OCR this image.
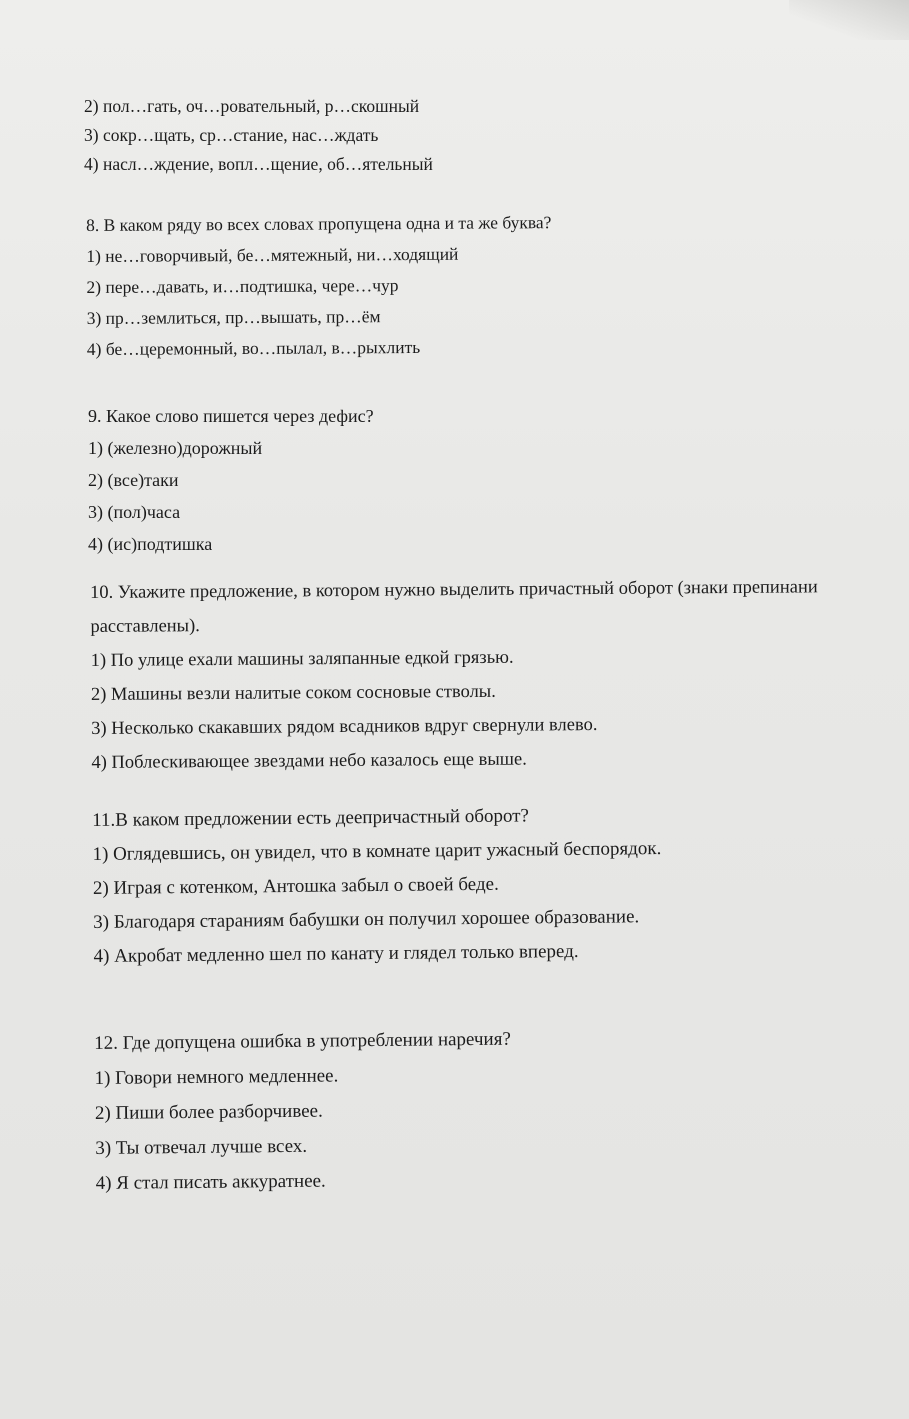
2) пол…гать, оч…ровательный, р…скошный
3) сокр…щать, ср…стание, нас…ждать
4) насл…ждение, вопл…щение, об…ятельный
8. В каком ряду во всех словах пропущена одна и та же буква?
1) не…говорчивый, бе…мятежный, ни…ходящий
2) пере…давать, и…подтишка, чере…чур
3) пр…землиться, пр…вышать, пр…ём
4) бе…церемонный, во…пылал, в…рыхлить
9. Какое слово пишется через дефис?
1) (железно)дорожный
2) (все)таки
3) (пол)часа
4) (ис)подтишка
10. Укажите предложение, в котором нужно выделить причастный оборот (знаки препинани
расставлены).
1) По улице ехали машины заляпанные едкой грязью.
2) Машины везли налитые соком сосновые стволы.
3) Несколько скакавших рядом всадников вдруг свернули влево.
4) Поблескивающее звездами небо казалось еще выше.
11.В каком предложении есть деепричастный оборот?
1) Оглядевшись, он увидел, что в комнате царит ужасный беспорядок.
2) Играя с котенком, Антошка забыл о своей беде.
3) Благодаря стараниям бабушки он получил хорошее образование.
4) Акробат медленно шел по канату и глядел только вперед.
12. Где допущена ошибка в употреблении наречия?
1) Говори немного медленнее.
2) Пиши более разборчивее.
3) Ты отвечал лучше всех.
4) Я стал писать аккуратнее.
